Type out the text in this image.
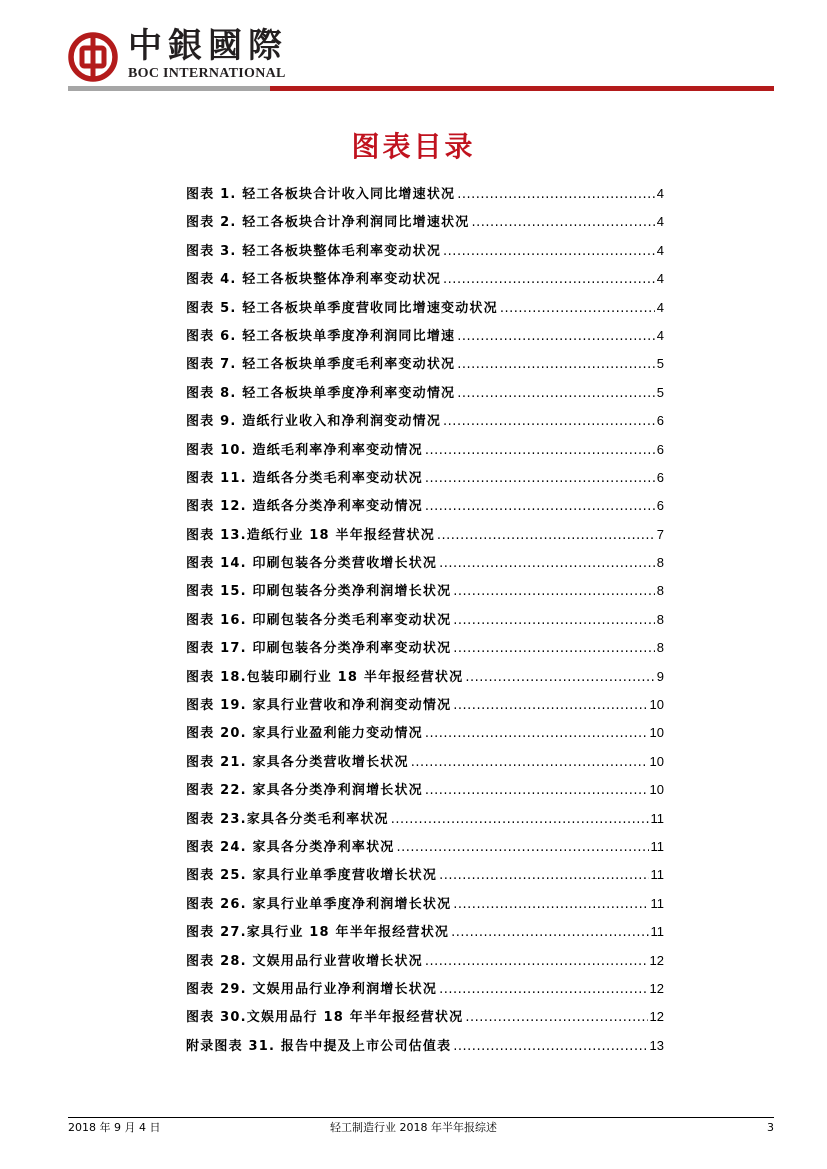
中銀國際
BOC INTERNATIONAL
图表目录
图表 1. 轻工各板块合计收入同比增速状况 .....	4
图表 2. 轻工各板块合计净利润同比增速状况 .....	4
图表 3. 轻工各板块整体毛利率变动状况 .....	4
图表 4. 轻工各板块整体净利率变动状况 .....	4
图表 5. 轻工各板块单季度营收同比增速变动状况 .....	4
图表 6. 轻工各板块单季度净利润同比增速 .....	4
图表 7. 轻工各板块单季度毛利率变动状况 .....	5
图表 8. 轻工各板块单季度净利率变动情况 .....	5
图表 9. 造纸行业收入和净利润变动情况 .....	6
图表 10. 造纸毛利率净利率变动情况 .....	6
图表 11. 造纸各分类毛利率变动状况 .....	6
图表 12. 造纸各分类净利率变动情况 .....	6
图表 13.造纸行业 18 半年报经营状况 .....	7
图表 14. 印刷包装各分类营收增长状况 .....	8
图表 15. 印刷包装各分类净利润增长状况 .....	8
图表 16. 印刷包装各分类毛利率变动状况 .....	8
图表 17. 印刷包装各分类净利率变动状况 .....	8
图表 18.包装印刷行业 18 半年报经营状况 .....	9
图表 19. 家具行业营收和净利润变动情况 .....	10
图表 20. 家具行业盈利能力变动情况 .....	10
图表 21. 家具各分类营收增长状况 .....	10
图表 22. 家具各分类净利润增长状况 .....	10
图表 23.家具各分类毛利率状况 .....	11
图表 24. 家具各分类净利率状况 .....	11
图表 25. 家具行业单季度营收增长状况 .....	11
图表 26. 家具行业单季度净利润增长状况 .....	11
图表 27.家具行业 18 年半年报经营状况 .....	11
图表 28. 文娱用品行业营收增长状况 .....	12
图表 29. 文娱用品行业净利润增长状况 .....	12
图表 30.文娱用品行 18 年半年报经营状况 .....	12
附录图表 31. 报告中提及上市公司估值表 .....	13
2018 年 9 月 4 日	轻工制造行业 2018 年半年报综述	3
